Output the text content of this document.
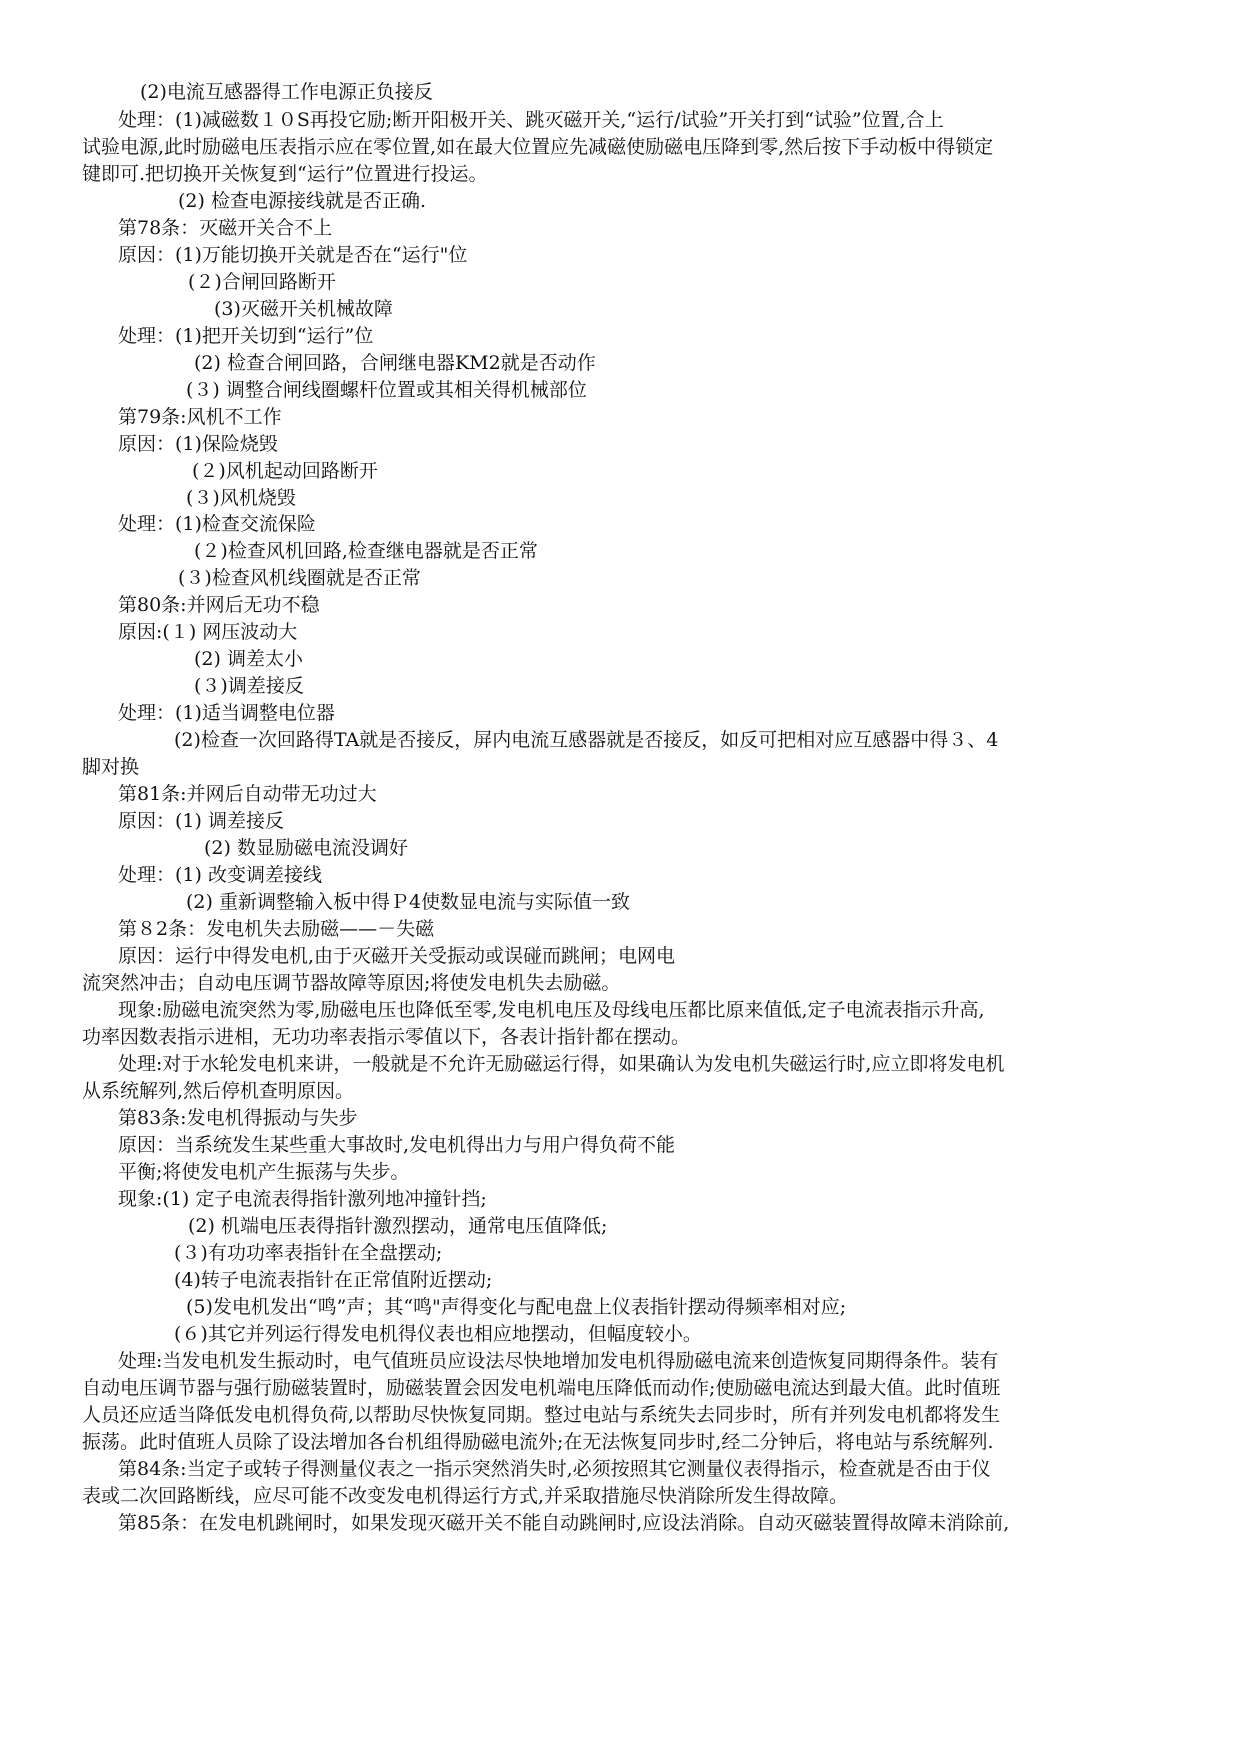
(2)电流互感器得工作电源正负接反
处理：(1)减磁数１０S再投它励;断开阳极开关、跳灭磁开关,“运行/试验”开关打到“试验”位置,合上
试验电源,此时励磁电压表指示应在零位置,如在最大位置应先减磁使励磁电压降到零,然后按下手动板中得锁定
键即可.把切换开关恢复到“运行”位置进行投运。
(2) 检查电源接线就是否正确.
第78条：灭磁开关合不上
原因：(1)万能切换开关就是否在“运行"位
(２)合闸回路断开
(3)灭磁开关机械故障
处理：(1)把开关切到“运行”位
(2) 检查合闸回路，合闸继电器KM2就是否动作
(３) 调整合闸线圈螺杆位置或其相关得机械部位
第79条:风机不工作
原因：(1)保险烧毁
(２)风机起动回路断开
(３)风机烧毁
处理：(1)检查交流保险
(２)检查风机回路,检查继电器就是否正常
(３)检查风机线圈就是否正常
第80条:并网后无功不稳
原因:(１) 网压波动大
(2) 调差太小
(３)调差接反
处理：(1)适当调整电位器
(2)检查一次回路得TA就是否接反，屏内电流互感器就是否接反，如反可把相对应互感器中得３、4
脚对换
第81条:并网后自动带无功过大
原因：(1) 调差接反
(2) 数显励磁电流没调好
处理：(1) 改变调差接线
(2) 重新调整输入板中得Ｐ4使数显电流与实际值一致
第８2条：发电机失去励磁——－失磁
原因：运行中得发电机,由于灭磁开关受振动或误碰而跳闸；电网电
流突然冲击；自动电压调节器故障等原因;将使发电机失去励磁。
现象:励磁电流突然为零,励磁电压也降低至零,发电机电压及母线电压都比原来值低,定子电流表指示升高,
功率因数表指示进相，无功功率表指示零值以下，各表计指针都在摆动。
处理:对于水轮发电机来讲，一般就是不允许无励磁运行得，如果确认为发电机失磁运行时,应立即将发电机
从系统解列,然后停机查明原因。
第83条:发电机得振动与失步
原因：当系统发生某些重大事故时,发电机得出力与用户得负荷不能
平衡;将使发电机产生振荡与失步。
现象:(1) 定子电流表得指针激列地冲撞针挡;
(2) 机端电压表得指针激烈摆动，通常电压值降低;
(３)有功功率表指针在全盘摆动;
(4)转子电流表指针在正常值附近摆动;
(5)发电机发出“鸣”声；其“鸣"声得变化与配电盘上仪表指针摆动得频率相对应;
(６)其它并列运行得发电机得仪表也相应地摆动，但幅度较小。
处理:当发电机发生振动时，电气值班员应设法尽快地增加发电机得励磁电流来创造恢复同期得条件。装有
自动电压调节器与强行励磁装置时，励磁装置会因发电机端电压降低而动作;使励磁电流达到最大值。此时值班
人员还应适当降低发电机得负荷,以帮助尽快恢复同期。整过电站与系统失去同步时，所有并列发电机都将发生
振荡。此时值班人员除了设法增加各台机组得励磁电流外;在无法恢复同步时,经二分钟后，将电站与系统解列.
第84条:当定子或转子得测量仪表之一指示突然消失时,必须按照其它测量仪表得指示，检查就是否由于仪
表或二次回路断线，应尽可能不改变发电机得运行方式,并采取措施尽快消除所发生得故障。
第85条：在发电机跳闸时，如果发现灭磁开关不能自动跳闸时,应设法消除。自动灭磁装置得故障未消除前,
